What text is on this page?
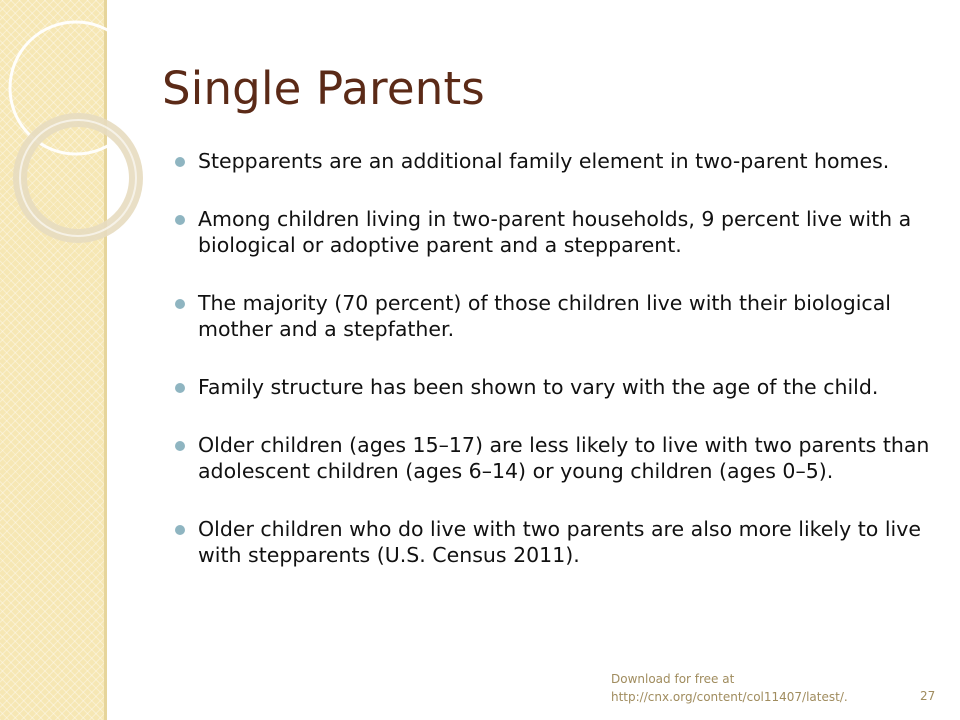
Single Parents
Stepparents are an additional family element in two-parent homes.
Among children living in two-parent households, 9 percent live with a biological or adoptive parent and a stepparent.
The majority (70 percent) of those children live with their biological mother and a stepfather.
Family structure has been shown to vary with the age of the child.
Older children (ages 15–17) are less likely to live with two parents than adolescent children (ages 6–14) or young children (ages 0–5).
Older children who do live with two parents are also more likely to live with stepparents (U.S. Census 2011).
Download for free at
http://cnx.org/content/col11407/latest/.	27
